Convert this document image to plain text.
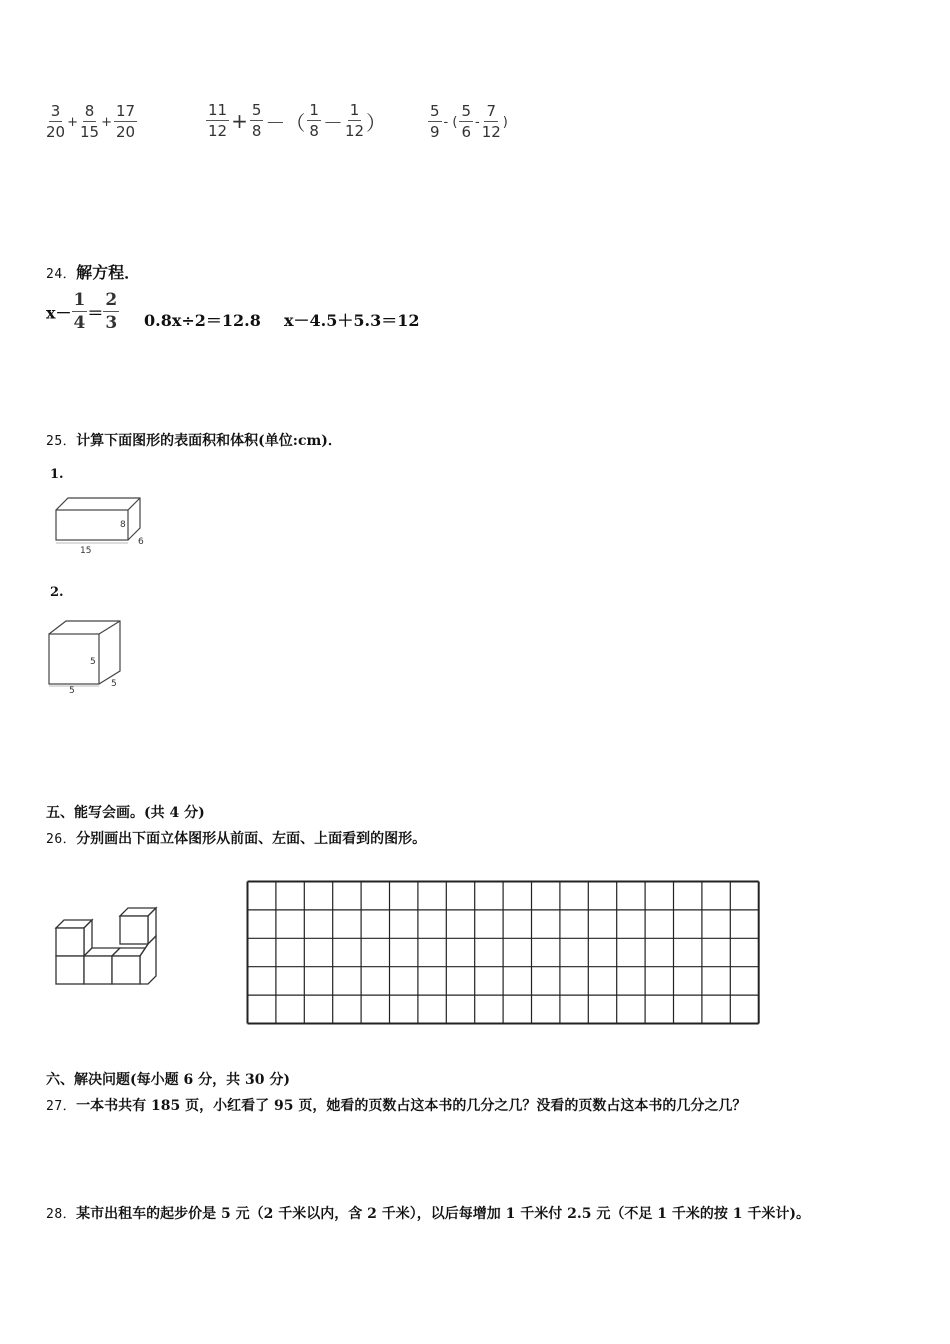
$\frac{3}{20} + \frac{8}{15} + \frac{17}{20}$	$\frac{11}{12} + \frac{5}{8}$ －（ $\frac{1}{8} - \frac{1}{12}$ ）	$\frac{5}{9}$ - ( $\frac{5}{6} - \frac{7}{12}$ )
24．解方程．
$x- \frac{1}{4} = \frac{2}{3} 0.8x\div 2=12.8$ x－4.5＋5.3＝12
25．计算下面图形的表面积和体积(单位:cm)．
1.
15
6
8
2.
5
5
5
五、能写会画。(共 4 分)
26．分别画出下面立体图形从前面、左面、上面看到的图形。
六、解决问题(每小题 6 分，共 30 分)
27．一本书共有 185 页，小红看了 95 页，她看的页数占这本书的几分之几？没看的页数占这本书的几分之几？
28．某市出租车的起步价是 5 元（2 千米以内，含 2 千米），以后每增加 1 千米付 2.5 元（不足 1 千米的按 1 千米计)。
